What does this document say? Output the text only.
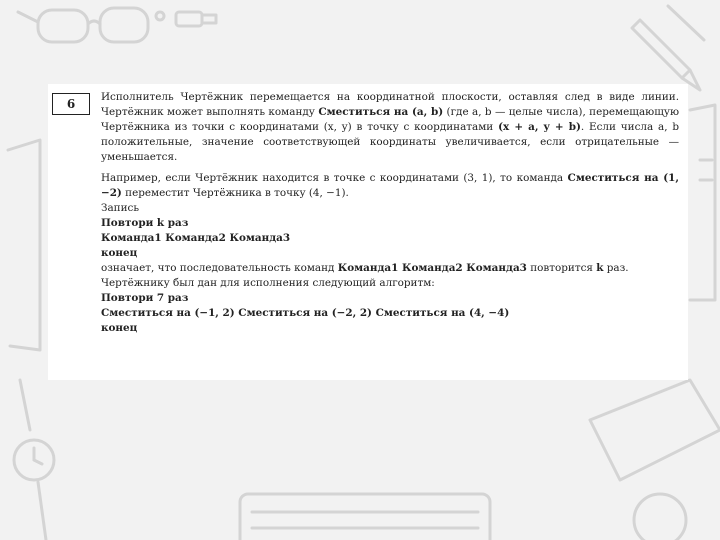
6	Исполнитель Чертёжник перемещается на координатной плоскости, оставляя след в виде линии. Чертёжник может выполнять команду Сместиться на (a, b) (где a, b — целые числа), перемещающую Чертёжника из точки с координатами (x, y) в точку с координатами (x + a, y + b). Если числа a, b положительные, значение соответствующей координаты увеличивается, если отрицательные — уменьшается.

Например, если Чертёжник находится в точке с координатами (3, 1), то команда Сместиться на (1, −2) переместит Чертёжника в точку (4, −1).

Запись

Повтори k раз

Команда1 Команда2 Команда3

конец

означает, что последовательность команд Команда1 Команда2 Команда3 повторится k раз.

Чертёжнику был дан для исполнения следующий алгоритм:

Повтори 7 раз

Сместиться на (−1, 2) Сместиться на (−2, 2) Сместиться на (4, −4)

конец
